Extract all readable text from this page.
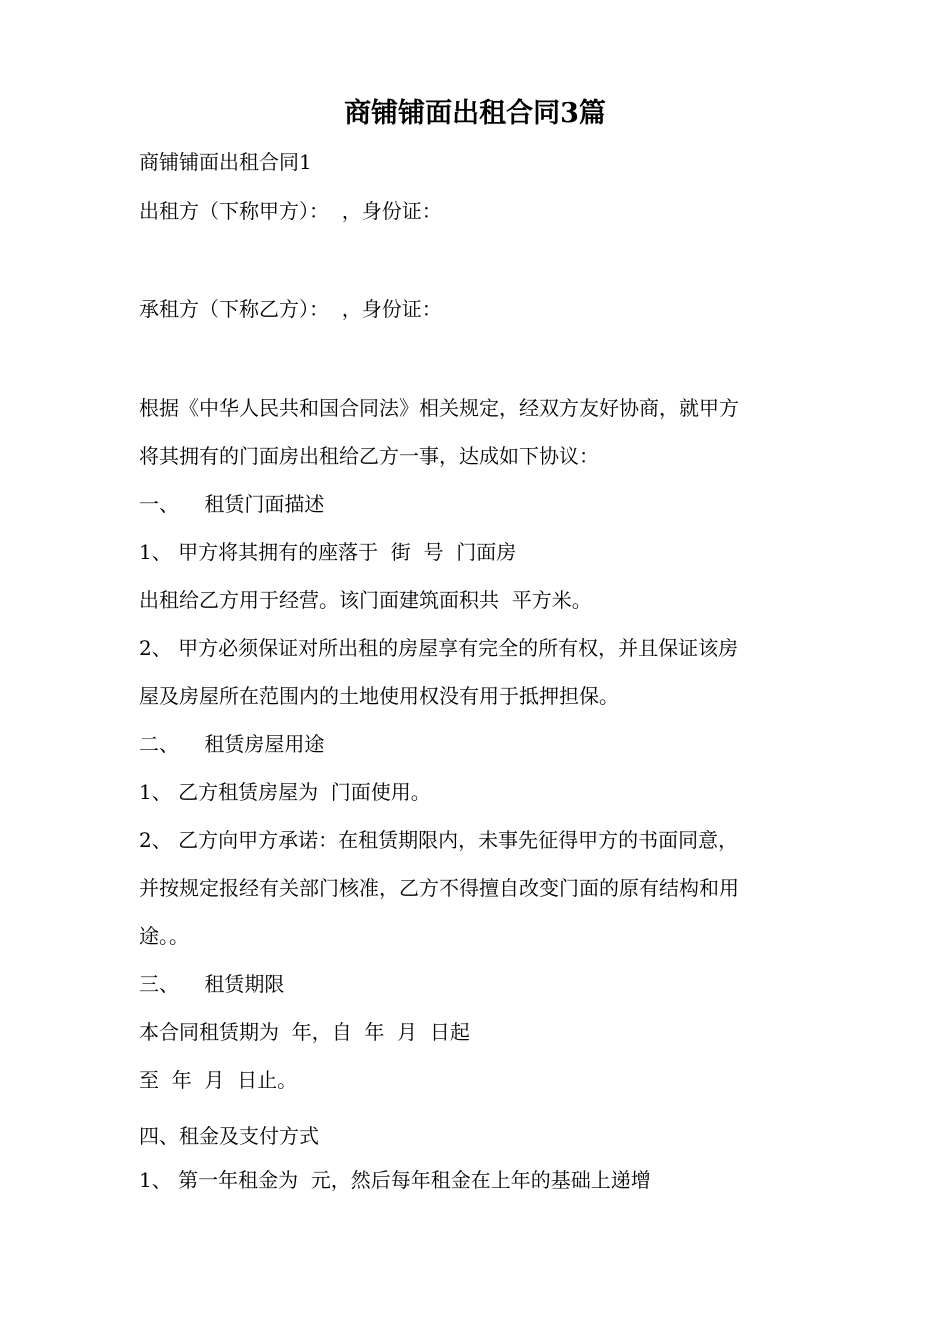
商铺铺面出租合同3篇
商铺铺面出租合同1
出租方（下称甲方）：  ，身份证：
承租方（下称乙方）：  ，身份证：
根据《中华人民共和国合同法》相关规定，经双方友好协商，就甲方
将其拥有的门面房出租给乙方一事，达成如下协议：
一、    租赁门面描述
1、 甲方将其拥有的座落于  街  号  门面房
出租给乙方用于经营。该门面建筑面积共  平方米。
2、 甲方必须保证对所出租的房屋享有完全的所有权，并且保证该房
屋及房屋所在范围内的土地使用权没有用于抵押担保。
二、    租赁房屋用途
1、 乙方租赁房屋为  门面使用。
2、 乙方向甲方承诺：在租赁期限内，未事先征得甲方的书面同意，
并按规定报经有关部门核准，乙方不得擅自改变门面的原有结构和用
途。。
三、    租赁期限
本合同租赁期为  年，自  年  月  日起
至  年  月  日止。
四、租金及支付方式
1、 第一年租金为  元，然后每年租金在上年的基础上递增
